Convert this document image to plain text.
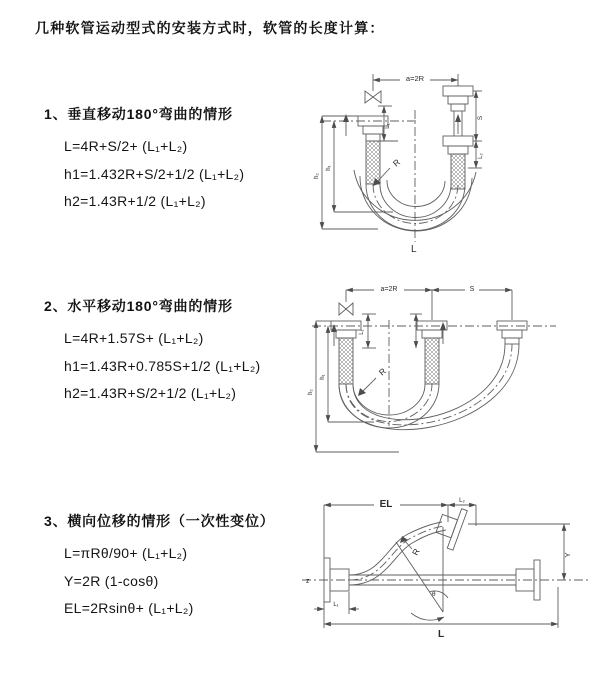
几种软管运动型式的安装方式时，软管的长度计算：

1、垂直移动180°弯曲的情形

L=4R+S/2+ (L₁+L₂)

h1=1.432R+S/2+1/2 (L₁+L₂)

h2=1.43R+1/2 (L₁+L₂)

2、水平移动180°弯曲的情形

L=4R+1.57S+ (L₁+L₂)

h1=1.43R+0.785S+1/2 (L₁+L₂)

h2=1.43R+S/2+1/2 (L₁+L₂)

3、横向位移的情形（一次性变位）

L=πRθ/90+ (L₁+L₂)

Y=2R (1-cosθ)

EL=2Rsinθ+ (L₁+L₂)

a=2R
L₁
S
L₂
h₂
h₁	R
L
a=2R	S
L₁
h₂
h₁	R
EL	L₂
Y
R
θ
z
L₁
L
